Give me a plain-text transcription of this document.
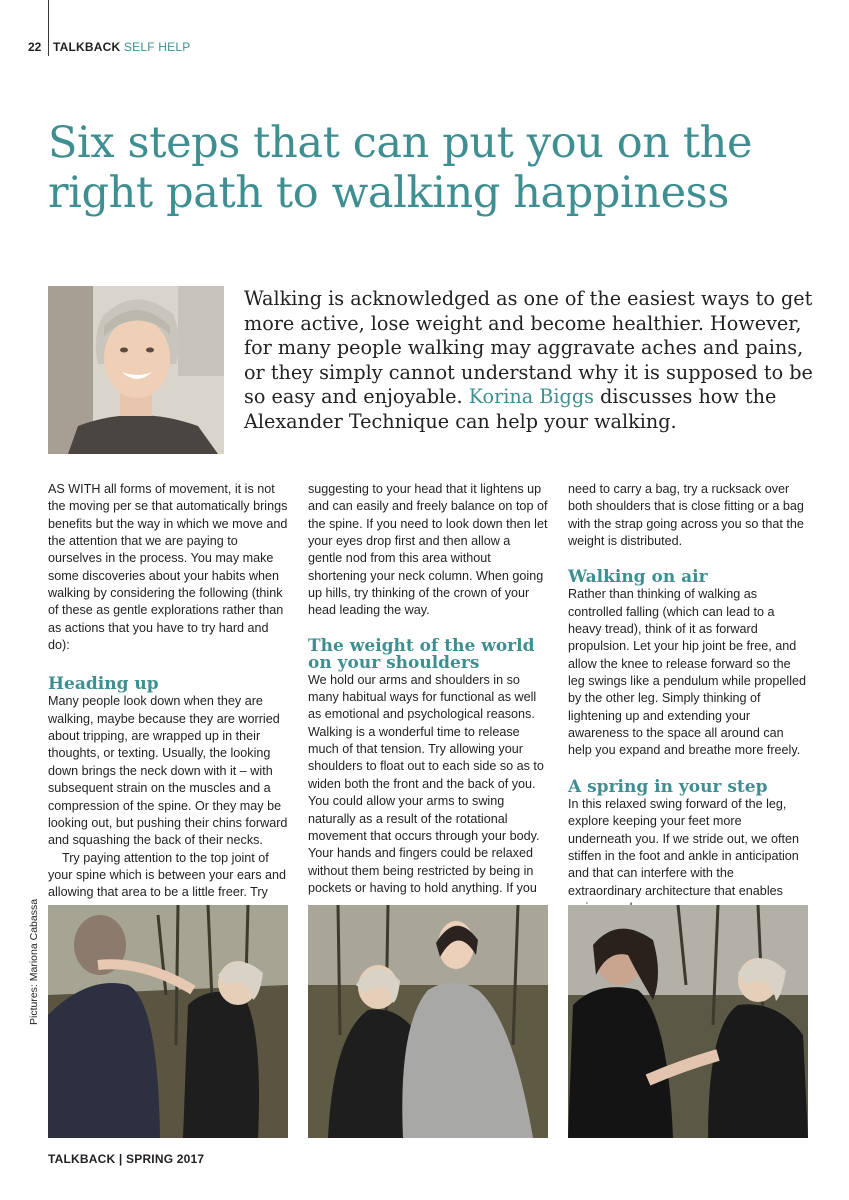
22 TALKBACK SELF HELP
Six steps that can put you on the right path to walking happiness

Walking is acknowledged as one of the easiest ways to get more active, lose weight and become healthier. However, for many people walking may aggravate aches and pains, or they simply cannot understand why it is supposed to be so easy and enjoyable. Korina Biggs discusses how the Alexander Technique can help your walking.

AS WITH all forms of movement, it is not the moving per se that automatically brings benefits but the way in which we move and the attention that we are paying to ourselves in the process. You may make some discoveries about your habits when walking by considering the following (think of these as gentle explorations rather than as actions that you have to try hard and do):

Heading up

Many people look down when they are walking, maybe because they are worried about tripping, are wrapped up in their thoughts, or texting. Usually, the looking down brings the neck down with it – with subsequent strain on the muscles and a compression of the spine. Or they may be looking out, but pushing their chins forward and squashing the back of their necks.

Try paying attention to the top joint of your spine which is between your ears and allowing that area to be a little freer. Try

suggesting to your head that it lightens up and can easily and freely balance on top of the spine. If you need to look down then let your eyes drop first and then allow a gentle nod from this area without shortening your neck column. When going up hills, try thinking of the crown of your head leading the way.

The weight of the world on your shoulders

We hold our arms and shoulders in so many habitual ways for functional as well as emotional and psychological reasons. Walking is a wonderful time to release much of that tension. Try allowing your shoulders to float out to each side so as to widen both the front and the back of you. You could allow your arms to swing naturally as a result of the rotational movement that occurs through your body. Your hands and fingers could be relaxed without them being restricted by being in pockets or having to hold anything. If you

need to carry a bag, try a rucksack over both shoulders that is close fitting or a bag with the strap going across you so that the weight is distributed.

Walking on air

Rather than thinking of walking as controlled falling (which can lead to a heavy tread), think of it as forward propulsion. Let your hip joint be free, and allow the knee to release forward so the leg swings like a pendulum while propelled by the other leg. Simply thinking of lightening up and extending your awareness to the space all around can help you expand and breathe more freely.

A spring in your step

In this relaxed swing forward of the leg, explore keeping your feet more underneath you. If we stride out, we often stiffen in the foot and ankle in anticipation and that can interfere with the extraordinary architecture that enables

Pictures: Mariona Cabassa
TALKBACK | SPRING 2017
